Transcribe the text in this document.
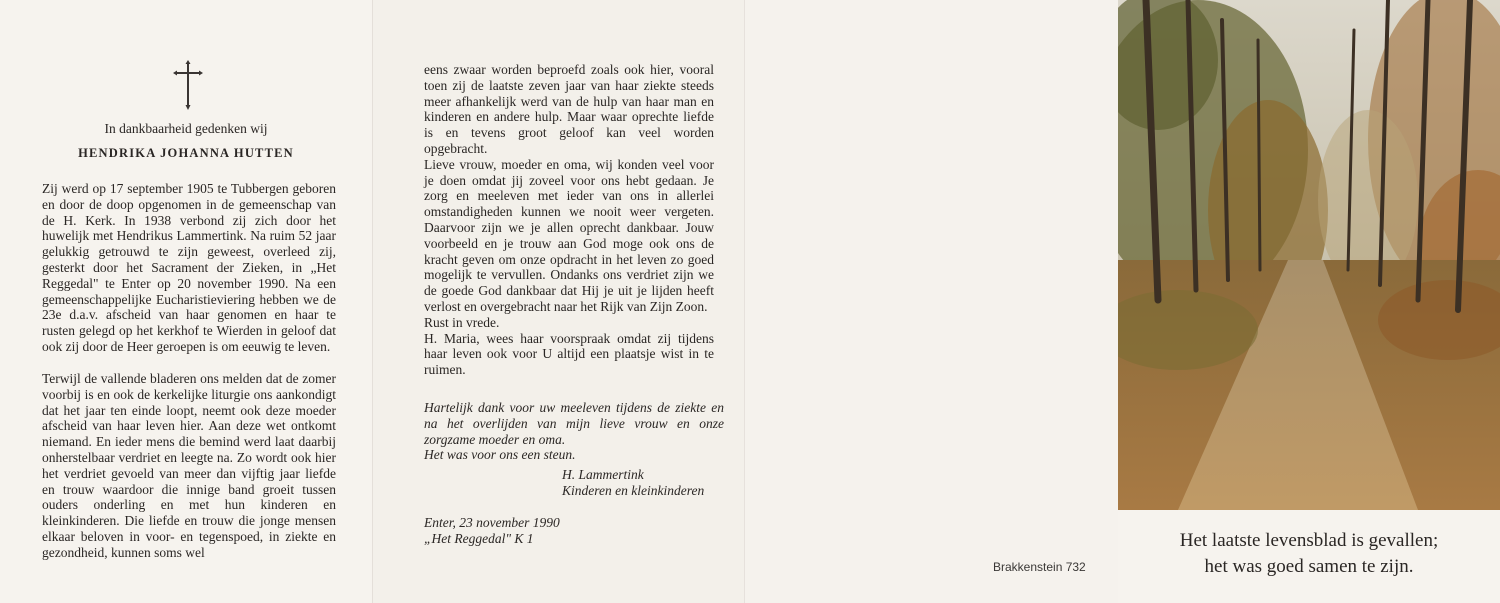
In dankbaarheid gedenken wij
HENDRIKA JOHANNA HUTTEN

Zij werd op 17 september 1905 te Tubbergen geboren en door de doop opgenomen in de gemeenschap van de H. Kerk. In 1938 verbond zij zich door het huwelijk met Hendrikus Lammertink. Na ruim 52 jaar gelukkig getrouwd te zijn geweest, overleed zij, gesterkt door het Sacrament der Zieken, in „Het Reggedal" te Enter op 20 november 1990. Na een gemeenschappelijke Eucharistieviering hebben we de 23e d.a.v. afscheid van haar genomen en haar te rusten gelegd op het kerkhof te Wierden in geloof dat ook zij door de Heer geroepen is om eeuwig te leven.

Terwijl de vallende bladeren ons melden dat de zomer voorbij is en ook de kerkelijke liturgie ons aankondigt dat het jaar ten einde loopt, neemt ook deze moeder afscheid van haar leven hier. Aan deze wet ontkomt niemand. En ieder mens die bemind werd laat daarbij onherstelbaar verdriet en leegte na. Zo wordt ook hier het verdriet gevoeld van meer dan vijftig jaar liefde en trouw waardoor die innige band groeit tussen ouders onderling en met hun kinderen en kleinkinderen. Die liefde en trouw die jonge mensen elkaar beloven in voor- en tegenspoed, in ziekte en gezondheid, kunnen soms wel

eens zwaar worden beproefd zoals ook hier, vooral toen zij de laatste zeven jaar van haar ziekte steeds meer afhankelijk werd van de hulp van haar man en kinderen en andere hulp. Maar waar oprechte liefde is en tevens groot geloof kan veel worden opgebracht.

Lieve vrouw, moeder en oma, wij konden veel voor je doen omdat jij zoveel voor ons hebt gedaan. Je zorg en meeleven met ieder van ons in allerlei omstandigheden kunnen we nooit weer vergeten. Daarvoor zijn we je allen oprecht dankbaar. Jouw voorbeeld en je trouw aan God moge ook ons de kracht geven om onze opdracht in het leven zo goed mogelijk te vervullen. Ondanks ons verdriet zijn we de goede God dankbaar dat Hij je uit je lijden heeft verlost en overgebracht naar het Rijk van Zijn Zoon.

Rust in vrede.

H. Maria, wees haar voorspraak omdat zij tijdens haar leven ook voor U altijd een plaatsje wist in te ruimen.

Hartelijk dank voor uw meeleven tijdens de ziekte en na het overlijden van mijn lieve vrouw en onze zorgzame moeder en oma.
Het was voor ons een steun.
H. Lammertink
Kinderen en kleinkinderen
Enter, 23 november 1990
„Het Reggedal" K 1
Brakkenstein 732
Het laatste levensblad is gevallen;
het was goed samen te zijn.
